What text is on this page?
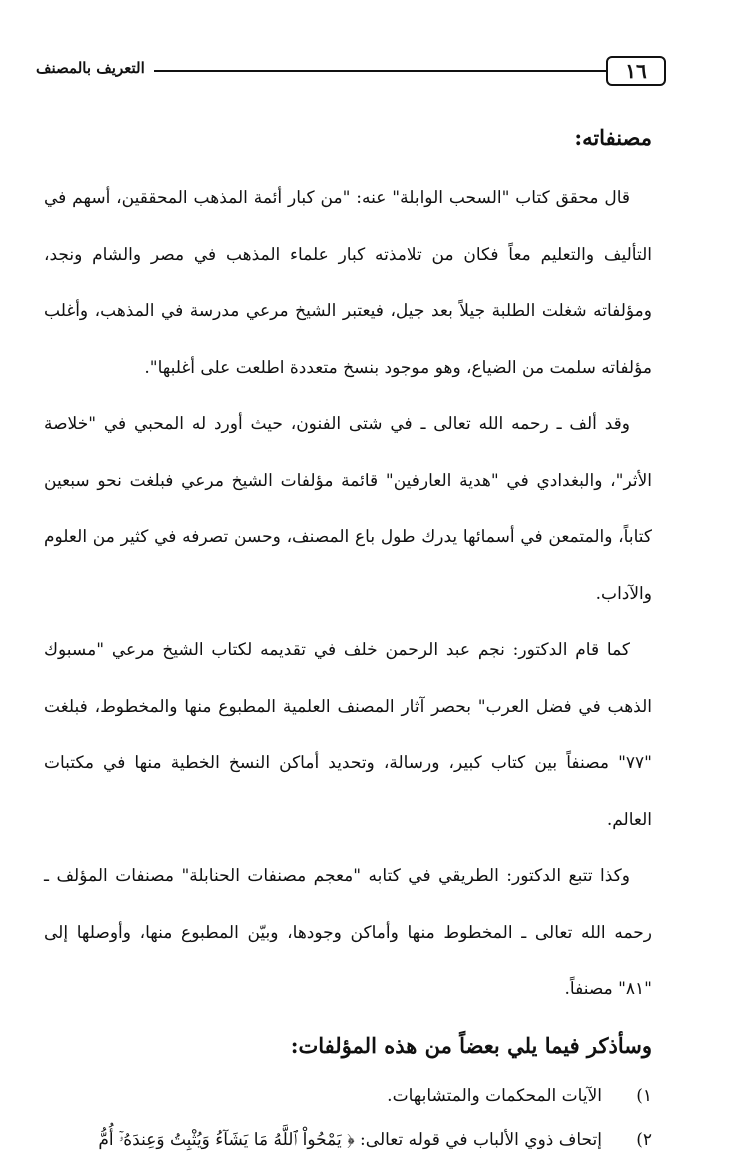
١٦
التعريف بالمصنف
مصنفاته:

قال محقق كتاب "السحب الوابلة" عنه: "من كبار أئمة المذهب المحققين، أسهم في التأليف والتعليم معاً فكان من تلامذته كبار علماء المذهب في مصر والشام ونجد، ومؤلفاته شغلت الطلبة جيلاً بعد جيل، فيعتبر الشيخ مرعي مدرسة في المذهب، وأغلب مؤلفاته سلمت من الضياع، وهو موجود بنسخ متعددة اطلعت على أغلبها".

وقد ألف ـ رحمه الله تعالى ـ في شتى الفنون، حيث أورد له المحبي في "خلاصة الأثر"، والبغدادي في "هدية العارفين" قائمة مؤلفات الشيخ مرعي فبلغت نحو سبعين كتاباً، والمتمعن في أسمائها يدرك طول باع المصنف، وحسن تصرفه في كثير من العلوم والآداب.

كما قام الدكتور: نجم عبد الرحمن خلف في تقديمه لكتاب الشيخ مرعي "مسبوك الذهب في فضل العرب" بحصر آثار المصنف العلمية المطبوع منها والمخطوط، فبلغت "٧٧" مصنفاً بين كتاب كبير، ورسالة، وتحديد أماكن النسخ الخطية منها في مكتبات العالم.

وكذا تتبع الدكتور: الطريقي في كتابه "معجم مصنفات الحنابلة" مصنفات المؤلف ـ رحمه الله تعالى ـ المخطوط منها وأماكن وجودها، وبيّن المطبوع منها، وأوصلها إلى "٨١" مصنفاً.

وسأذكر فيما يلي بعضاً من هذه المؤلفات:
١)
الآيات المحكمات والمتشابهات.
٢)
إتحاف ذوي الألباب في قوله تعالى: ﴿ يَمْحُواْ ٱللَّهُ مَا يَشَآءُ وَيُثْبِتُ وَعِندَهُۥٓ أُمُّ
